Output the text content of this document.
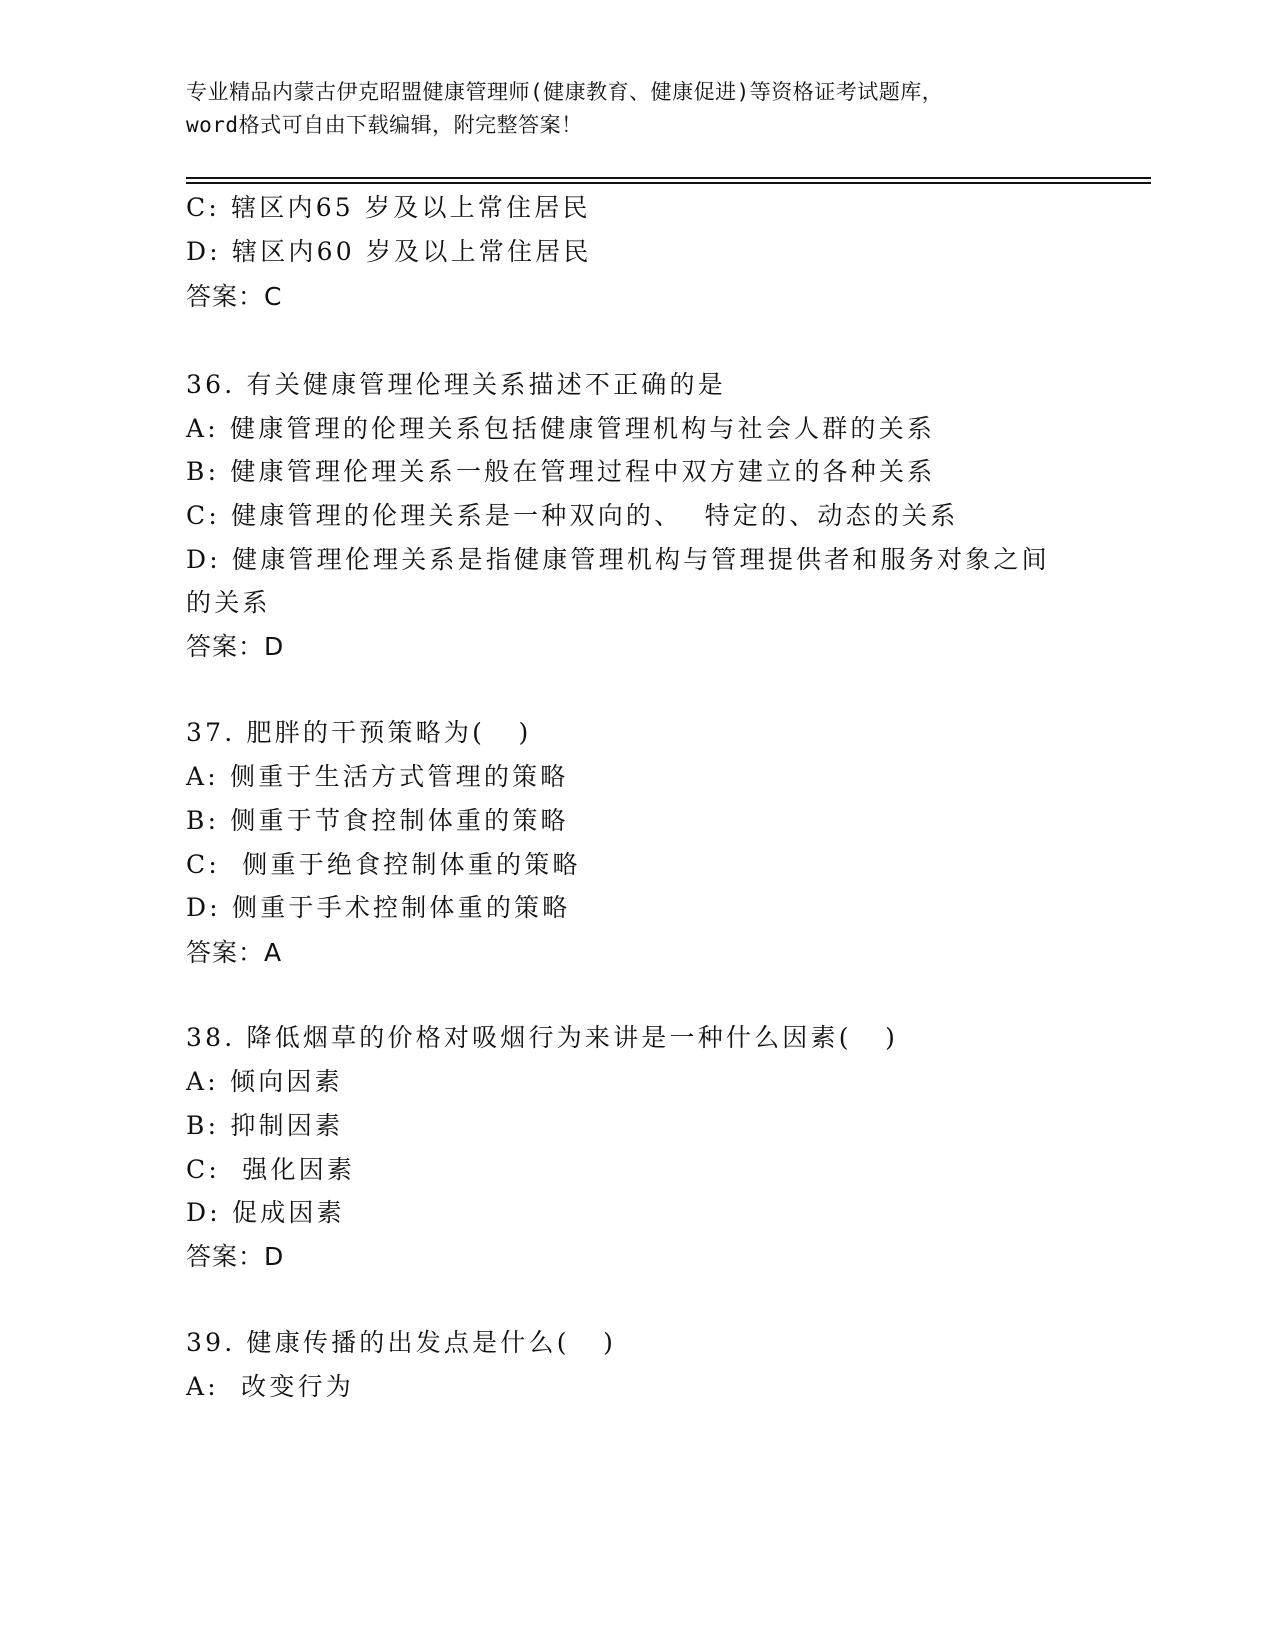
专业精品内蒙古伊克昭盟健康管理师(健康教育、健康促进)等资格证考试题库，
word格式可自由下载编辑，附完整答案！
C: 辖区内65 岁及以上常住居民
D: 辖区内60 岁及以上常住居民
答案：C
36. 有关健康管理伦理关系描述不正确的是
A: 健康管理的伦理关系包括健康管理机构与社会人群的关系
B: 健康管理伦理关系一般在管理过程中双方建立的各种关系
C: 健康管理的伦理关系是一种双向的、  特定的、动态的关系
D: 健康管理伦理关系是指健康管理机构与管理提供者和服务对象之间
的关系
答案：D
37. 肥胖的干预策略为(   )
A: 侧重于生活方式管理的策略
B: 侧重于节食控制体重的策略
C:  侧重于绝食控制体重的策略
D: 侧重于手术控制体重的策略
答案：A
38. 降低烟草的价格对吸烟行为来讲是一种什么因素(   )
A: 倾向因素
B: 抑制因素
C:  强化因素
D: 促成因素
答案：D
39. 健康传播的出发点是什么(   )
A:  改变行为
